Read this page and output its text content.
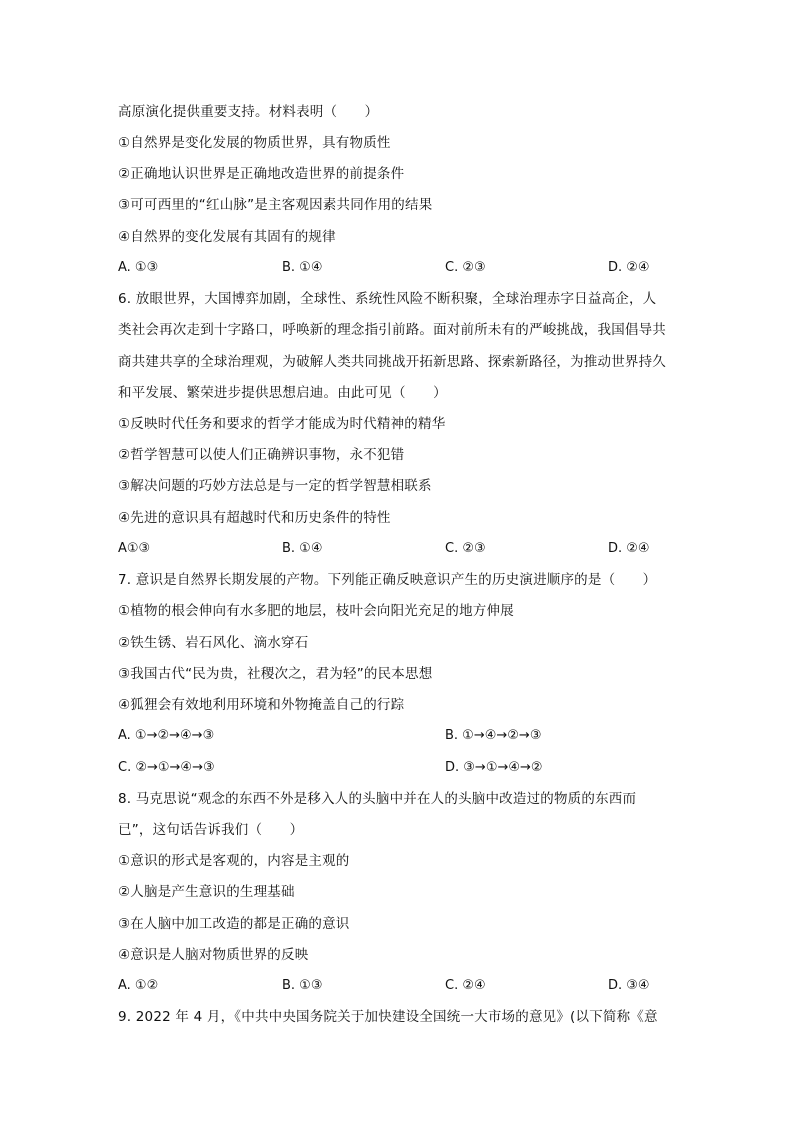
高原演化提供重要支持。材料表明（　　）
①自然界是变化发展的物质世界，具有物质性
②正确地认识世界是正确地改造世界的前提条件
③可可西里的“红山脉”是主客观因素共同作用的结果
④自然界的变化发展有其固有的规律
A. ①③	B. ①④	C. ②③	D. ②④
6. 放眼世界，大国博弈加剧，全球性、系统性风险不断积聚，全球治理赤字日益高企，人
类社会再次走到十字路口，呼唤新的理念指引前路。面对前所未有的严峻挑战，我国倡导共
商共建共享的全球治理观，为破解人类共同挑战开拓新思路、探索新路径，为推动世界持久
和平发展、繁荣进步提供思想启迪。由此可见（　　）
①反映时代任务和要求的哲学才能成为时代精神的精华
②哲学智慧可以使人们正确辨识事物，永不犯错
③解决问题的巧妙方法总是与一定的哲学智慧相联系
④先进的意识具有超越时代和历史条件的特性
A①③	B. ①④	C. ②③	D. ②④
7. 意识是自然界长期发展的产物。下列能正确反映意识产生的历史演进顺序的是（　　）
①植物的根会伸向有水多肥的地层，枝叶会向阳光充足的地方伸展
②铁生锈、岩石风化、滴水穿石
③我国古代“民为贵，社稷次之，君为轻”的民本思想
④狐狸会有效地利用环境和外物掩盖自己的行踪
A. ①→②→④→③	B. ①→④→②→③
C. ②→①→④→③	D. ③→①→④→②
8. 马克思说“观念的东西不外是移入人的头脑中并在人的头脑中改造过的物质的东西而
已”，这句话告诉我们（　　）
①意识的形式是客观的，内容是主观的
②人脑是产生意识的生理基础
③在人脑中加工改造的都是正确的意识
④意识是人脑对物质世界的反映
A. ①②	B. ①③	C. ②④	D. ③④
9. 2022 年 4 月，《中共中央国务院关于加快建设全国统一大市场的意见》(以下简称《意
